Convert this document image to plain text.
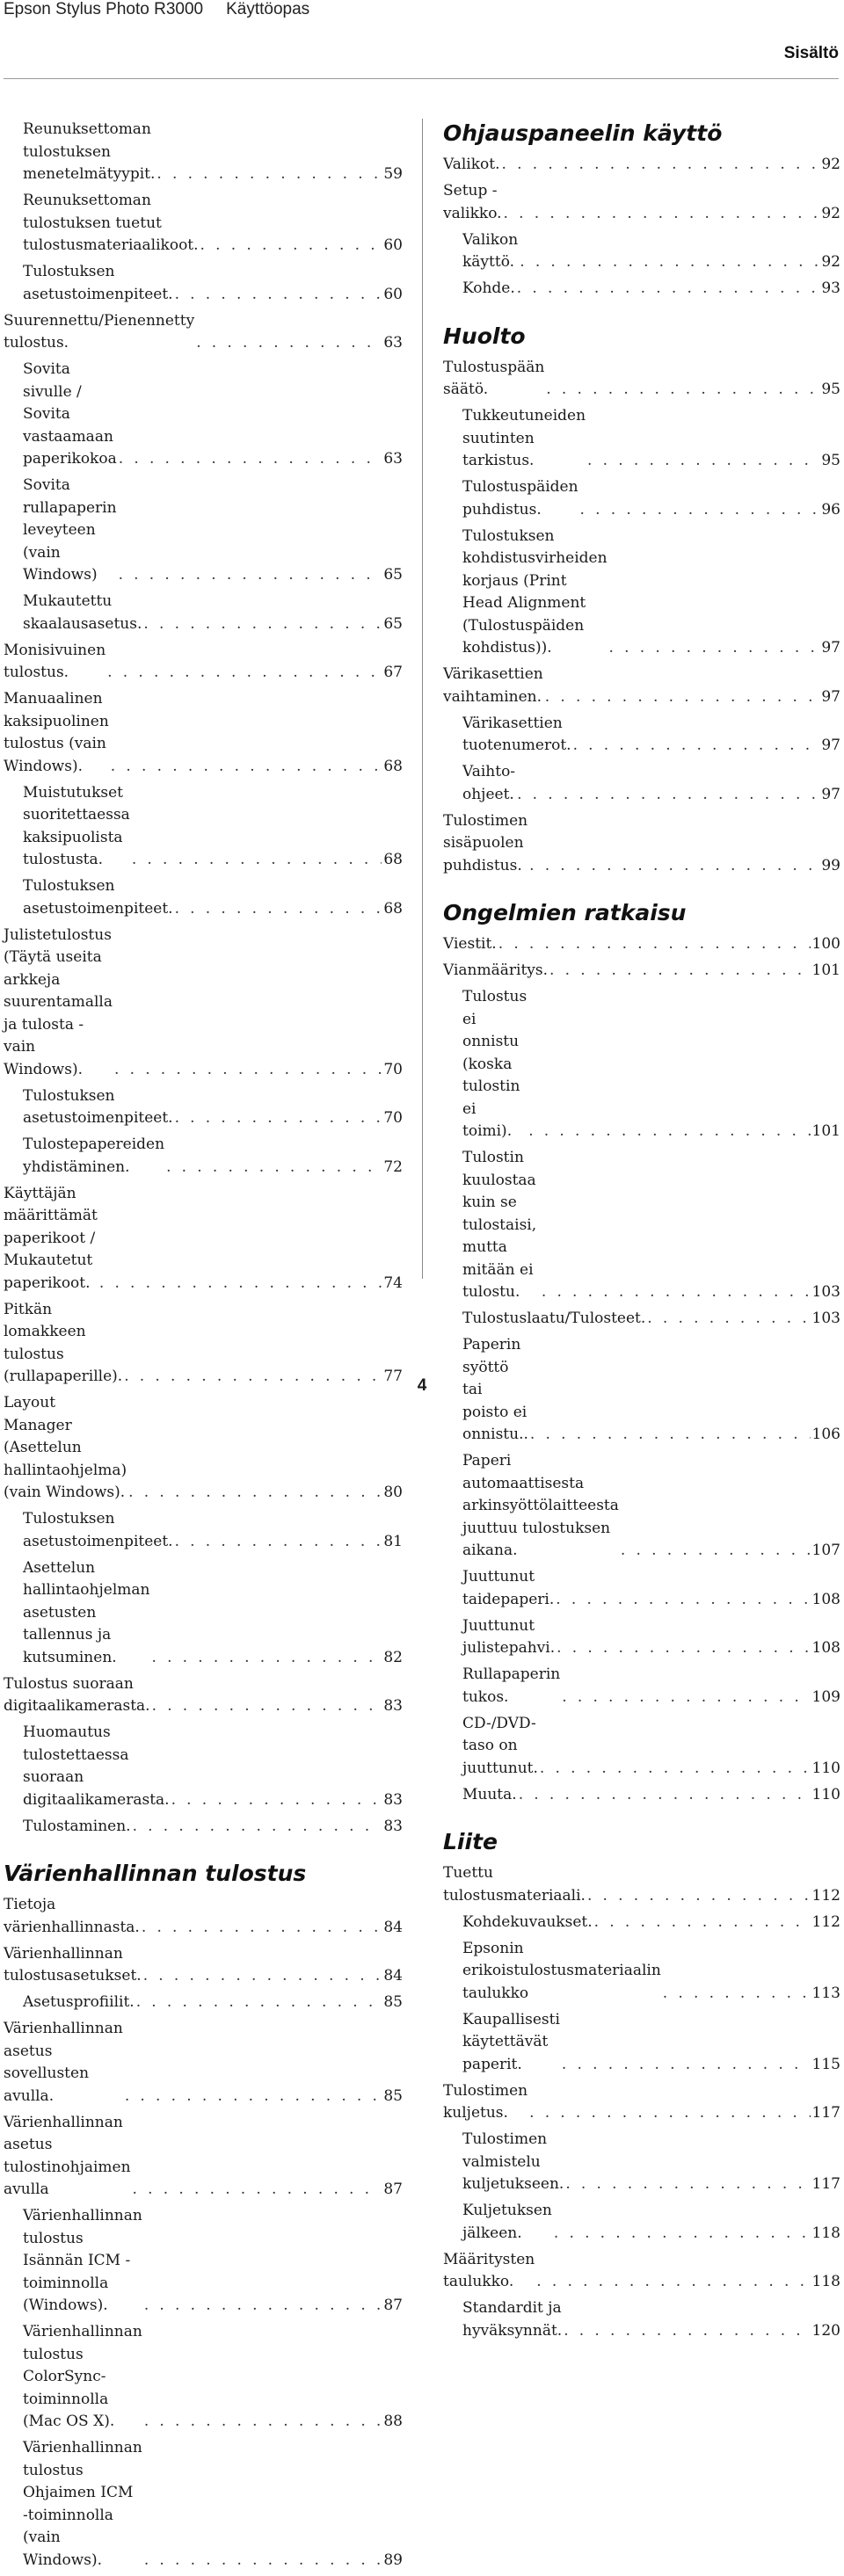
Epson Stylus Photo R3000 Käyttöopas
Sisältö
Reunuksettoman tulostuksen menetelmätyypit. . . .	59
Reunuksettoman tulostuksen tuetut tulostusmateriaalikoot. . . .	60
Tulostuksen asetustoimenpiteet. . . .	60
Suurennettu/Pienennetty tulostus. . . .	63
Sovita sivulle / Sovita vastaamaan paperikokoa . . .	63
Sovita rullapaperin leveyteen (vain Windows) . . .	65
Mukautettu skaalausasetus. . . .	65
Monisivuinen tulostus. . . .	67
Manuaalinen kaksipuolinen tulostus (vain Windows). . . .	68
Muistutukset suoritettaessa kaksipuolista tulostusta. . . .	68
Tulostuksen asetustoimenpiteet. . . .	68
Julistetulostus (Täytä useita arkkeja suurentamalla ja tulosta - vain Windows). . . .	70
Tulostuksen asetustoimenpiteet. . . .	70
Tulostepapereiden yhdistäminen. . . .	72
Käyttäjän määrittämät paperikoot / Mukautetut paperikoot. . . .	74
Pitkän lomakkeen tulostus (rullapaperille). . . .	77
Layout Manager (Asettelun hallintaohjelma) (vain Windows). . . .	80
Tulostuksen asetustoimenpiteet. . . .	81
Asettelun hallintaohjelman asetusten tallennus ja kutsuminen. . . .	82
Tulostus suoraan digitaalikamerasta. . . .	83
Huomautus tulostettaessa suoraan digitaalikamerasta. . . .	83
Tulostaminen. . . .	83
Värienhallinnan tulostus
Tietoja värienhallinnasta. . . .	84
Värienhallinnan tulostusasetukset. . . .	84
Asetusprofiilit. . . .	85
Värienhallinnan asetus sovellusten avulla. . . .	85
Värienhallinnan asetus tulostinohjaimen avulla . . .	87
Värienhallinnan tulostus Isännän ICM -toiminnolla (Windows). . . .	87
Värienhallinnan tulostus ColorSync-toiminnolla (Mac OS X). . . .	88
Värienhallinnan tulostus Ohjaimen ICM -toiminnolla (vain Windows). . . .	89
Ohjauspaneelin käyttö
Valikot. . . .	92
Setup -valikko. . . .	92
Valikon käyttö. . . .	92
Kohde. . . .	93
Huolto
Tulostuspään säätö. . . .	95
Tukkeutuneiden suutinten tarkistus. . . .	95
Tulostuspäiden puhdistus. . . .	96
Tulostuksen kohdistusvirheiden korjaus (Print Head Alignment (Tulostuspäiden kohdistus)). . . .	97
Värikasettien vaihtaminen. . . .	97
Värikasettien tuotenumerot. . . .	97
Vaihto-ohjeet. . . .	97
Tulostimen sisäpuolen puhdistus. . . .	99
Ongelmien ratkaisu
Viestit. . . .	100
Vianmääritys. . . .	101
Tulostus ei onnistu (koska tulostin ei toimi). . . .	101
Tulostin kuulostaa kuin se tulostaisi, mutta mitään ei tulostu. . . .	103
Tulostuslaatu/Tulosteet. . . .	103
Paperin syöttö tai poisto ei onnistu.. . . .	106
Paperi automaattisesta arkinsyöttölaitteesta juuttuu tulostuksen aikana. . . .	107
Juuttunut taidepaperi. . . .	108
Juuttunut julistepahvi. . . .	108
Rullapaperin tukos. . . .	109
CD-/DVD-taso on juuttunut. . . .	110
Muuta. . . .	110
Liite
Tuettu tulostusmateriaali. . . .	112
Kohdekuvaukset. . . .	112
Epsonin erikoistulostusmateriaalin taulukko . . .	113
Kaupallisesti käytettävät paperit. . . .	115
Tulostimen kuljetus. . . .	117
Tulostimen valmistelu kuljetukseen. . . .	117
Kuljetuksen jälkeen. . . .	118
Määritysten taulukko. . . .	118
Standardit ja hyväksynnät. . . .	120
4
